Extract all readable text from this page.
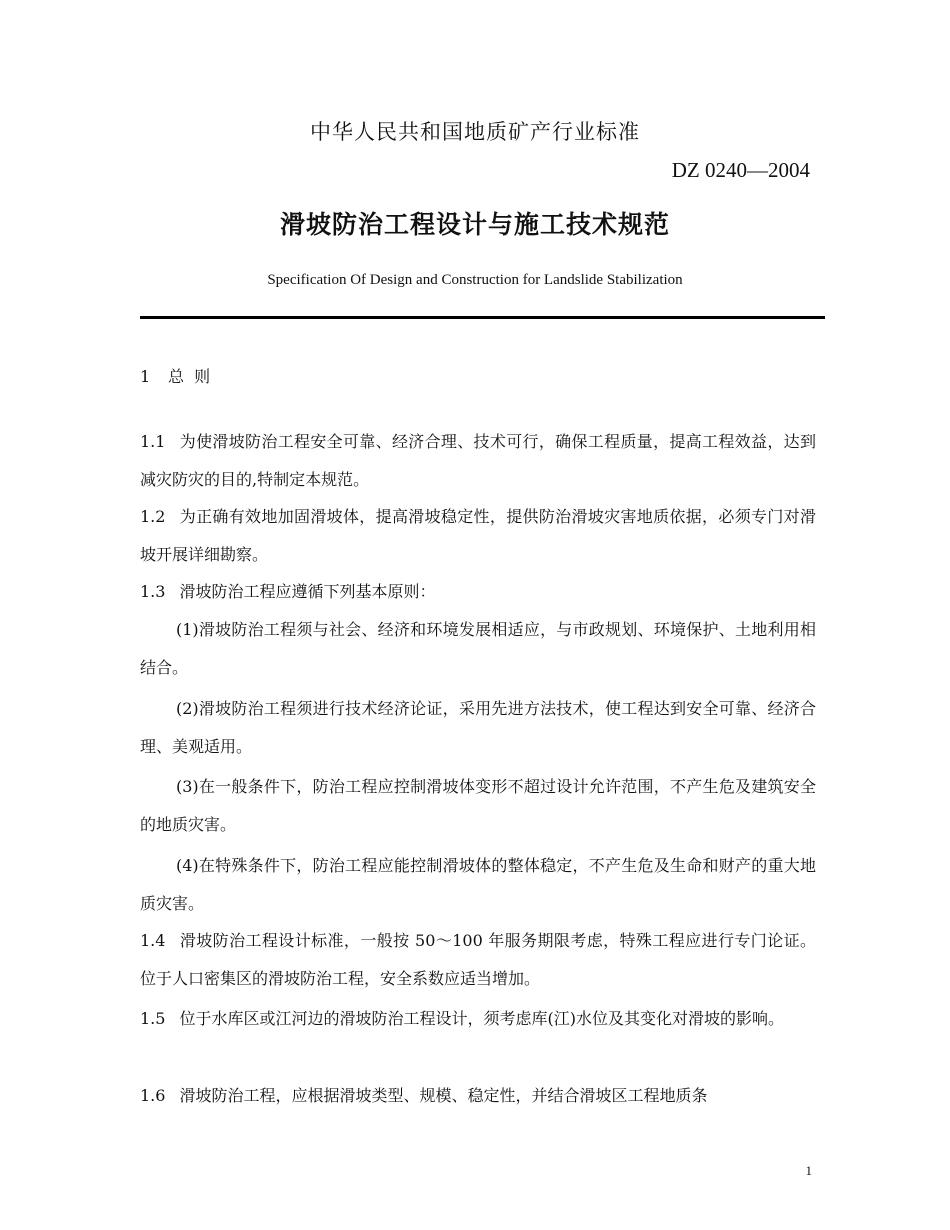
中华人民共和国地质矿产行业标准
DZ 0240—2004
滑坡防治工程设计与施工技术规范
Specification Of Design and Construction for Landslide Stabilization
1 总  则
1.1 为使滑坡防治工程安全可靠、经济合理、技术可行，确保工程质量，提高工程效益，达到减灾防灾的目的,特制定本规范。
1.2 为正确有效地加固滑坡体，提高滑坡稳定性，提供防治滑坡灾害地质依据，必须专门对滑坡开展详细勘察。
1.3 滑坡防治工程应遵循下列基本原则：
(1)滑坡防治工程须与社会、经济和环境发展相适应，与市政规划、环境保护、土地利用相结合。
(2)滑坡防治工程须进行技术经济论证，采用先进方法技术，使工程达到安全可靠、经济合理、美观适用。
(3)在一般条件下，防治工程应控制滑坡体变形不超过设计允许范围，不产生危及建筑安全的地质灾害。
(4)在特殊条件下，防治工程应能控制滑坡体的整体稳定，不产生危及生命和财产的重大地质灾害。
1.4 滑坡防治工程设计标准，一般按 50～100 年服务期限考虑，特殊工程应进行专门论证。位于人口密集区的滑坡防治工程，安全系数应适当增加。
1.5 位于水库区或江河边的滑坡防治工程设计，须考虑库(江)水位及其变化对滑坡的影响。
1.6 滑坡防治工程，应根据滑坡类型、规模、稳定性，并结合滑坡区工程地质条
1
